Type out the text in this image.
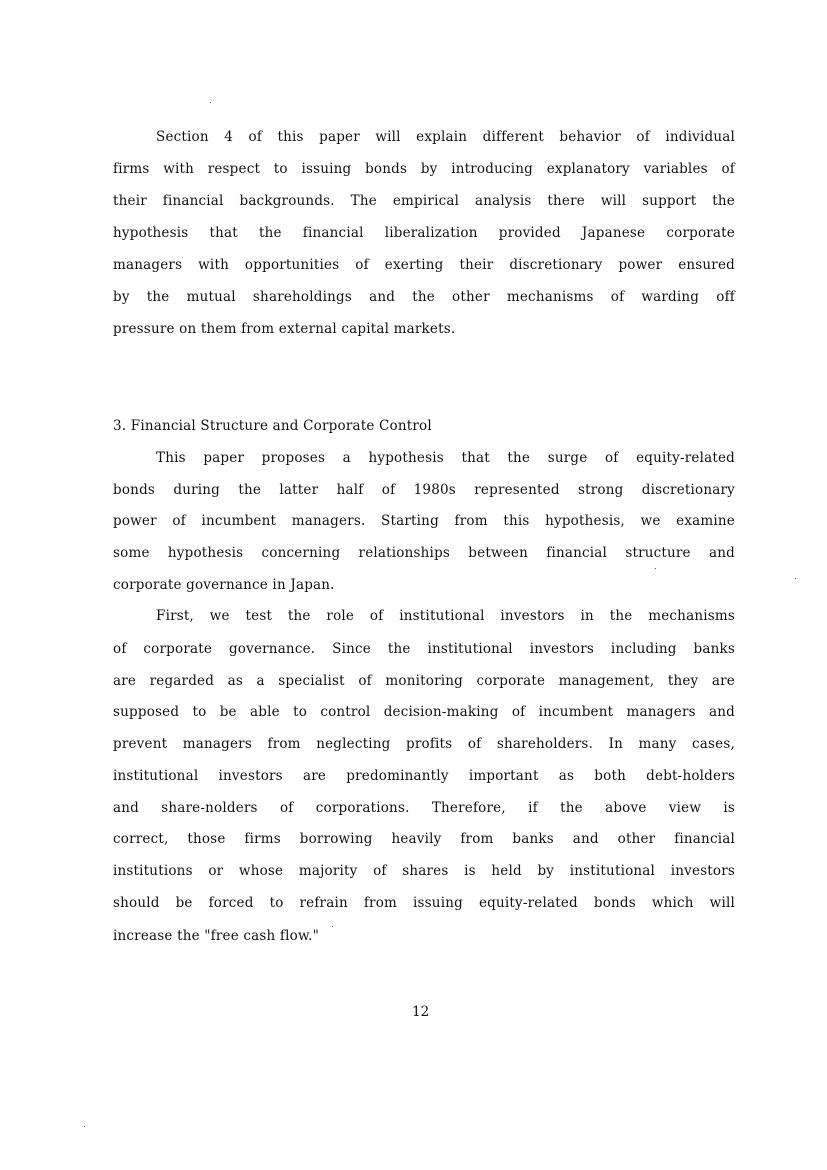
Section 4 of this paper will explain different behavior of individual
firms with respect to issuing bonds by introducing explanatory variables of
their financial backgrounds. The empirical analysis there will support the
hypothesis that the financial liberalization provided Japanese corporate
managers with opportunities of exerting their discretionary power ensured
by the mutual shareholdings and the other mechanisms of warding off
pressure on them from external capital markets.
3. Financial Structure and Corporate Control
This paper proposes a hypothesis that the surge of equity-related
bonds during the latter half of 1980s represented strong discretionary
power of incumbent managers. Starting from this hypothesis, we examine
some hypothesis concerning relationships between financial structure and
corporate governance in Japan.
First, we test the role of institutional investors in the mechanisms
of corporate governance. Since the institutional investors including banks
are regarded as a specialist of monitoring corporate management, they are
supposed to be able to control decision-making of incumbent managers and
prevent managers from neglecting profits of shareholders. In many cases,
institutional investors are predominantly important as both debt-holders
and share-nolders of corporations. Therefore, if the above view is
correct, those firms borrowing heavily from banks and other financial
institutions or whose majority of shares is held by institutional investors
should be forced to refrain from issuing equity-related bonds which will
increase the "free cash flow."
12
